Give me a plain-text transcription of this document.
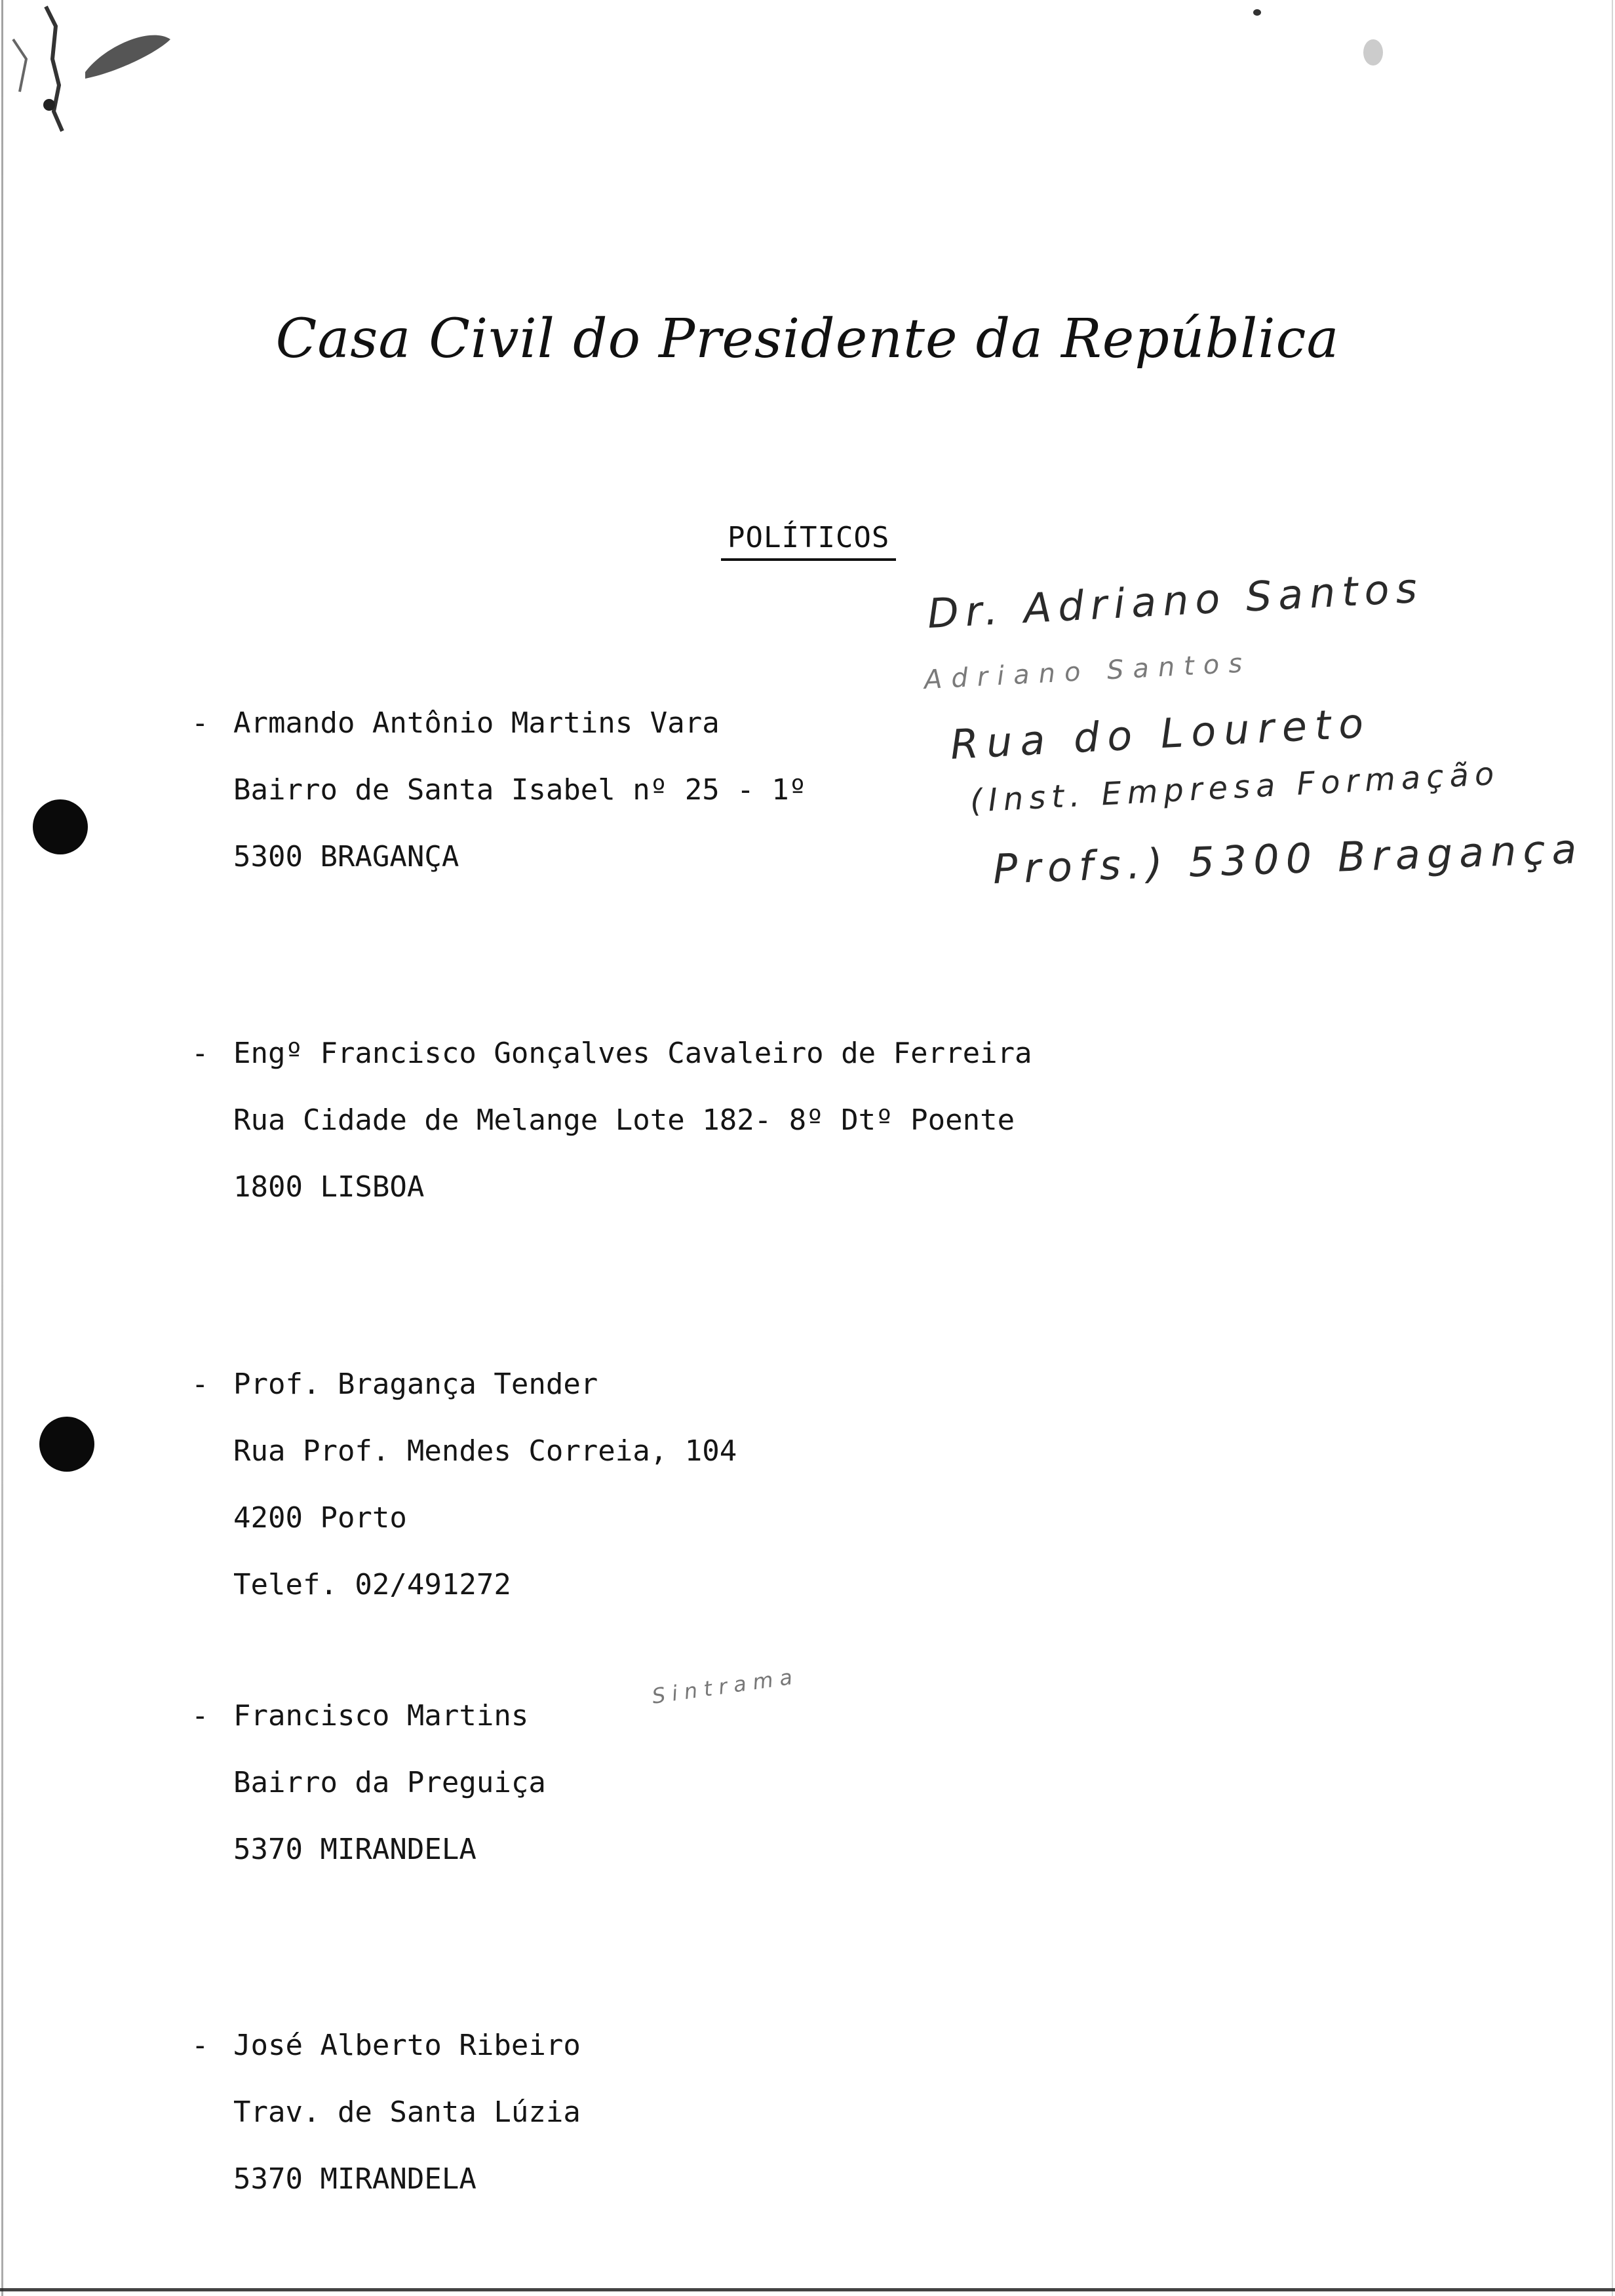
Casa Civil do Presidente da República
POLÍTICOS
- Armando Antônio Martins Vara
Bairro de Santa Isabel nº 25 - 1º
5300 BRAGANÇA
- Engº Francisco Gonçalves Cavaleiro de Ferreira
Rua Cidade de Melange Lote 182- 8º Dtº Poente
1800 LISBOA
- Prof. Bragança Tender
Rua Prof. Mendes Correia, 104
4200 Porto
Telef. 02/491272
- Francisco Martins
Bairro da Preguiça
5370 MIRANDELA
- José Alberto Ribeiro
Trav. de Santa Lúzia
5370 MIRANDELA
Dr. Adriano Santos
Adriano Santos
Rua do Loureto
(Inst. Empresa Formação
Profs.) 5300 Bragança
Sintrama
